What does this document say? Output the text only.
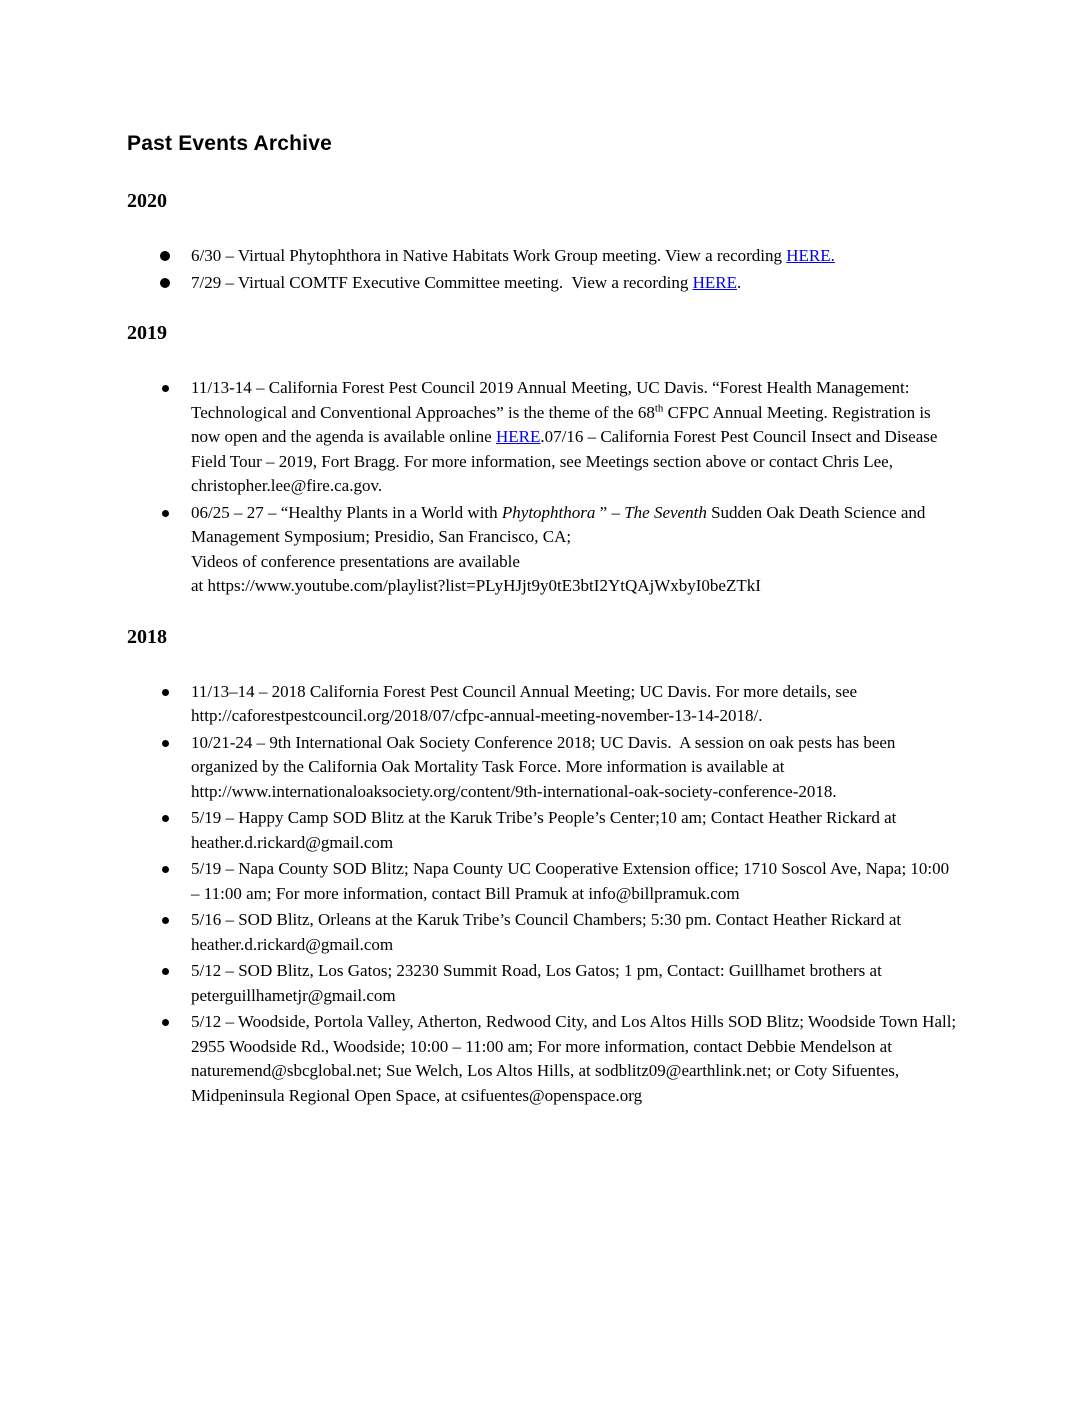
Past Events Archive
2020
6/30 – Virtual Phytophthora in Native Habitats Work Group meeting. View a recording HERE.
7/29 – Virtual COMTF Executive Committee meeting.  View a recording HERE.
2019
11/13-14 – California Forest Pest Council 2019 Annual Meeting, UC Davis. “Forest Health Management:  Technological and Conventional Approaches” is the theme of the 68th CFPC Annual Meeting. Registration is now open and the agenda is available online HERE.07/16 – California Forest Pest Council Insect and Disease Field Tour – 2019, Fort Bragg. For more information, see Meetings section above or contact Chris Lee, christopher.lee@fire.ca.gov.
06/25 – 27 – “Healthy Plants in a World with Phytophthora ” – The Seventh Sudden Oak Death Science and Management Symposium; Presidio, San Francisco, CA;
Videos of conference presentations are available
at https://www.youtube.com/playlist?list=PLyHJjt9y0tE3btI2YtQAjWxbyI0beZTkI
2018
11/13–14 – 2018 California Forest Pest Council Annual Meeting; UC Davis. For more details, see http://caforestpestcouncil.org/2018/07/cfpc-annual-meeting-november-13-14-2018/.
10/21-24 – 9th International Oak Society Conference 2018; UC Davis.  A session on oak pests has been organized by the California Oak Mortality Task Force. More information is available at http://www.internationaloaksociety.org/content/9th-international-oak-society-conference-2018.
5/19 – Happy Camp SOD Blitz at the Karuk Tribe’s People’s Center;10 am; Contact Heather Rickard at heather.d.rickard@gmail.com
5/19 – Napa County SOD Blitz; Napa County UC Cooperative Extension office; 1710 Soscol Ave, Napa; 10:00 – 11:00 am; For more information, contact Bill Pramuk at info@billpramuk.com
5/16 – SOD Blitz, Orleans at the Karuk Tribe’s Council Chambers; 5:30 pm. Contact Heather Rickard at heather.d.rickard@gmail.com
5/12 – SOD Blitz, Los Gatos; 23230 Summit Road, Los Gatos; 1 pm, Contact: Guillhamet brothers at peterguillhametjr@gmail.com
5/12 – Woodside, Portola Valley, Atherton, Redwood City, and Los Altos Hills SOD Blitz; Woodside Town Hall; 2955 Woodside Rd., Woodside; 10:00 – 11:00 am; For more information, contact Debbie Mendelson at naturemend@sbcglobal.net; Sue Welch, Los Altos Hills, at sodblitz09@earthlink.net; or Coty Sifuentes, Midpeninsula Regional Open Space, at csifuentes@openspace.org
